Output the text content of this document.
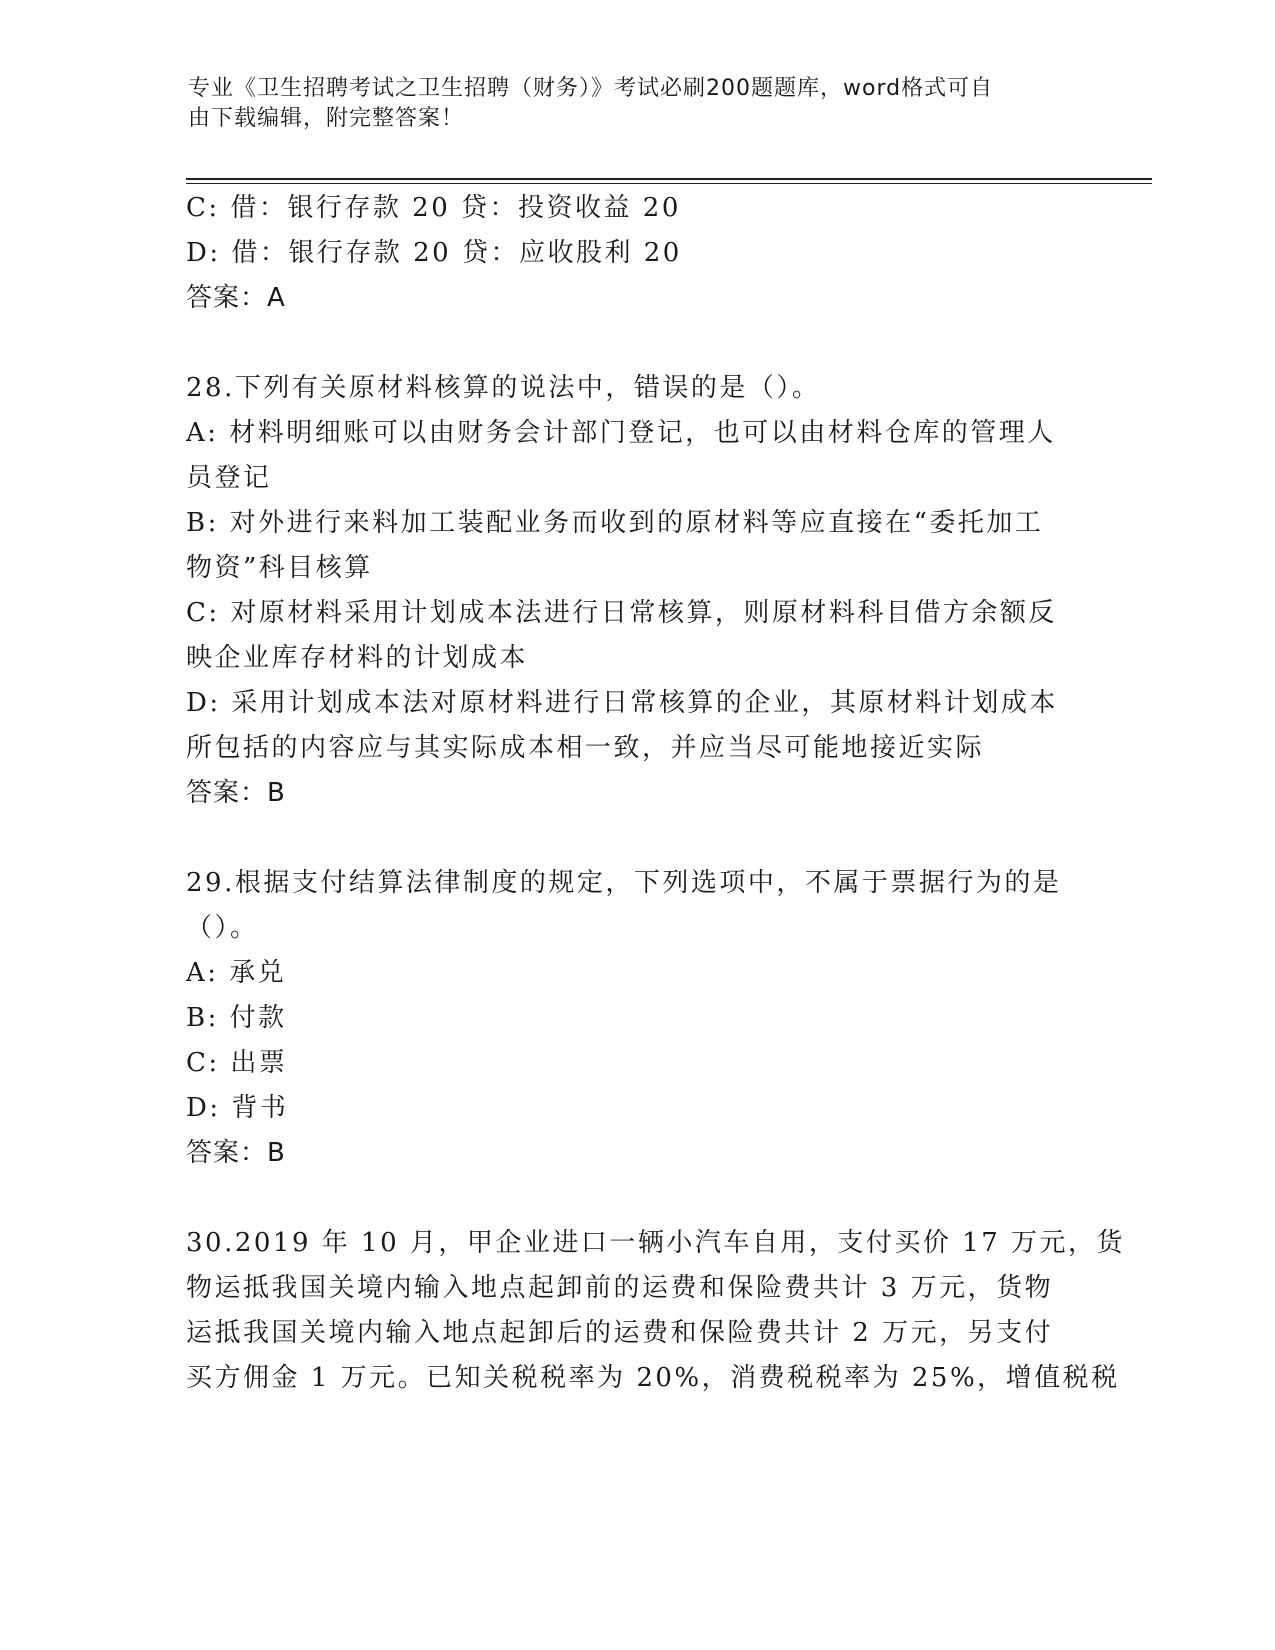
专业《卫生招聘考试之卫生招聘（财务）》考试必刷200题题库，word格式可自
由下载编辑，附完整答案！
C: 借：银行存款 20 贷：投资收益 20
D: 借：银行存款 20 贷：应收股利 20
答案：A
28.下列有关原材料核算的说法中，错误的是（）。
A: 材料明细账可以由财务会计部门登记，也可以由材料仓库的管理人
员登记
B: 对外进行来料加工装配业务而收到的原材料等应直接在“委托加工
物资”科目核算
C: 对原材料采用计划成本法进行日常核算，则原材料科目借方余额反
映企业库存材料的计划成本
D: 采用计划成本法对原材料进行日常核算的企业，其原材料计划成本
所包括的内容应与其实际成本相一致，并应当尽可能地接近实际
答案：B
29.根据支付结算法律制度的规定，下列选项中，不属于票据行为的是
（）。
A: 承兑
B: 付款
C: 出票
D: 背书
答案：B
30.2019 年 10 月，甲企业进口一辆小汽车自用，支付买价 17 万元，货
物运抵我国关境内输入地点起卸前的运费和保险费共计 3 万元，货物
运抵我国关境内输入地点起卸后的运费和保险费共计 2 万元，另支付
买方佣金 1 万元。已知关税税率为 20%，消费税税率为 25%，增值税税
